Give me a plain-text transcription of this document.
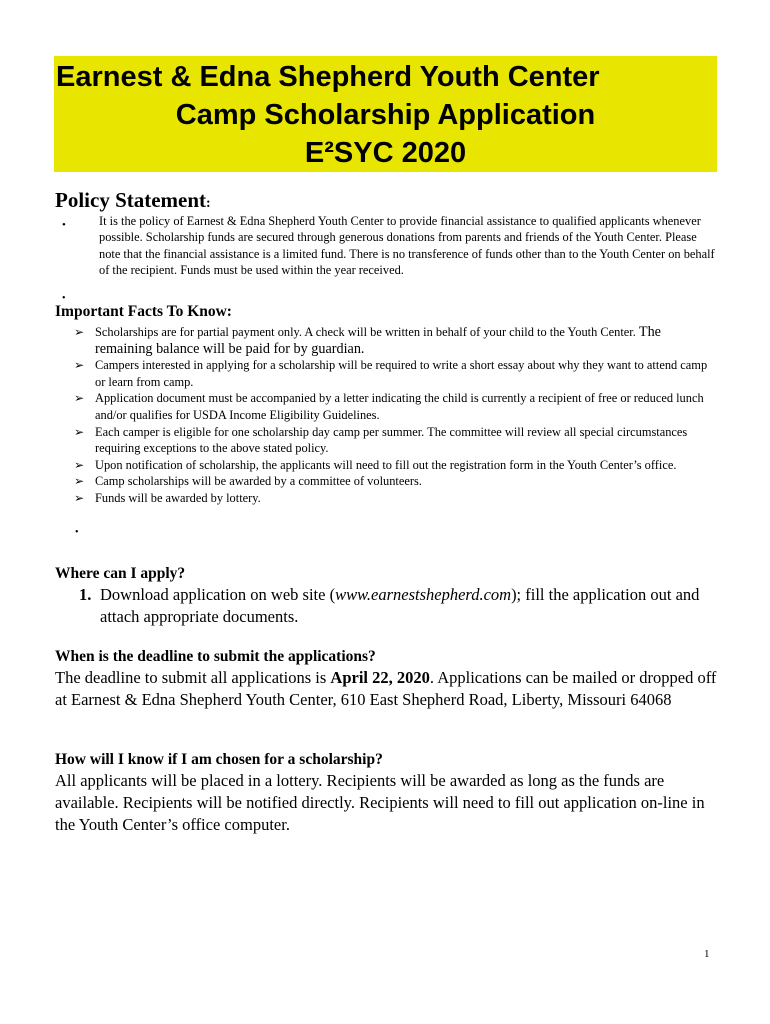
Earnest & Edna Shepherd Youth Center
Camp Scholarship Application
E²SYC 2020
Policy Statement:
•	It is the policy of Earnest & Edna Shepherd Youth Center to provide financial assistance to qualified applicants whenever possible. Scholarship funds are secured through generous donations from parents and friends of the Youth Center. Please note that the financial assistance is a limited fund. There is no transference of funds other than to the Youth Center on behalf of the recipient. Funds must be used within the year received.
•
Important Facts To Know:
➢ Scholarships are for partial payment only. A check will be written in behalf of your child to the Youth Center. The remaining balance will be paid for by guardian.
➢ Campers interested in applying for a scholarship will be required to write a short essay about why they want to attend camp or learn from camp.
➢ Application document must be accompanied by a letter indicating the child is currently a recipient of free or reduced lunch and/or qualifies for USDA Income Eligibility Guidelines.
➢ Each camper is eligible for one scholarship day camp per summer. The committee will review all special circumstances requiring exceptions to the above stated policy.
➢ Upon notification of scholarship, the applicants will need to fill out the registration form in the Youth Center’s office.
➢ Camp scholarships will be awarded by a committee of volunteers.
➢ Funds will be awarded by lottery.
•
Where can I apply?
1. Download application on web site (www.earnestshepherd.com); fill the application out and attach appropriate documents.
When is the deadline to submit the applications?
The deadline to submit all applications is April 22, 2020. Applications can be mailed or dropped off at Earnest & Edna Shepherd Youth Center, 610 East Shepherd Road, Liberty, Missouri 64068
How will I know if I am chosen for a scholarship?
All applicants will be placed in a lottery. Recipients will be awarded as long as the funds are available. Recipients will be notified directly. Recipients will need to fill out application on-line in the Youth Center’s office computer.
1
